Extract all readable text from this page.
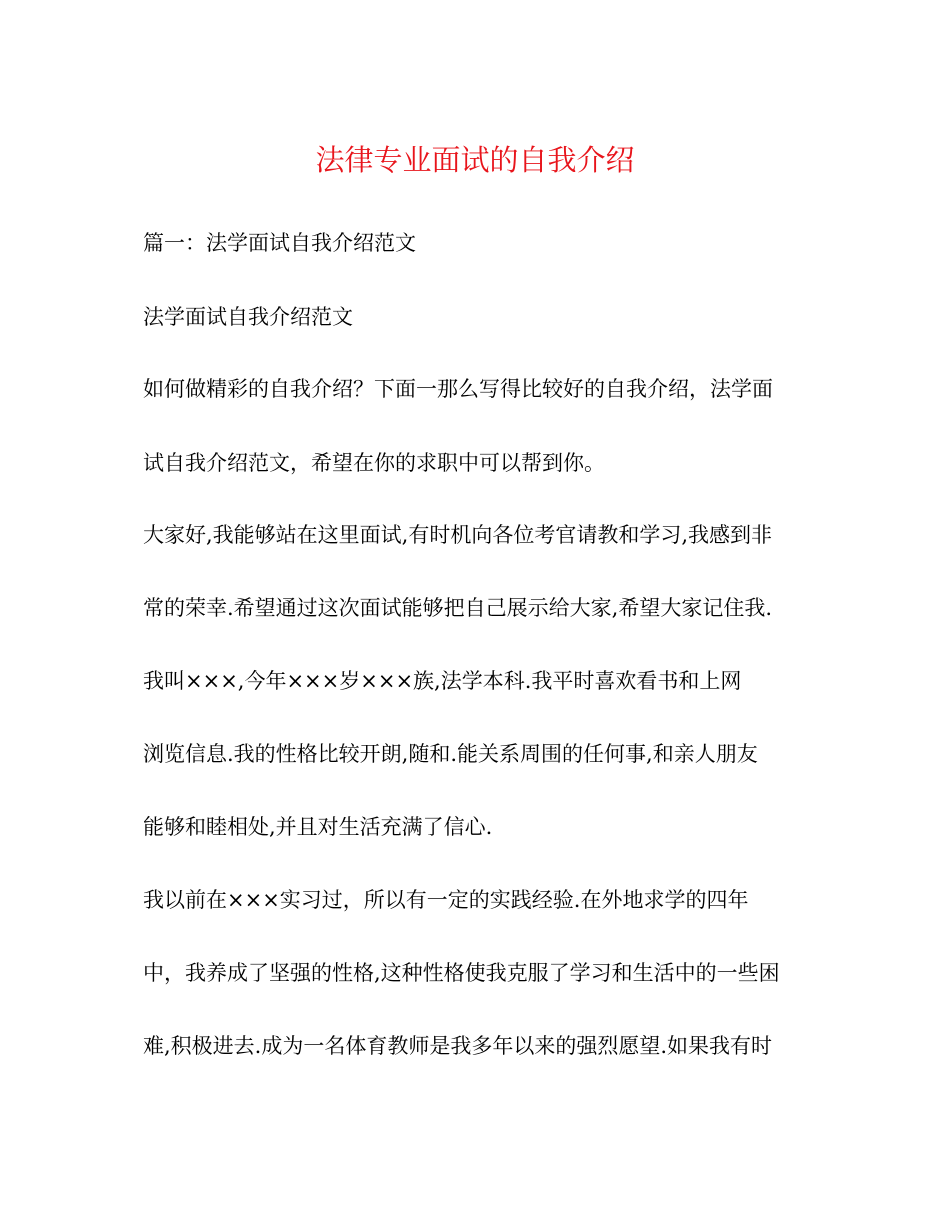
法律专业面试的自我介绍
篇一：法学面试自我介绍范文
法学面试自我介绍范文
如何做精彩的自我介绍？下面一那么写得比较好的自我介绍，法学面
试自我介绍范文，希望在你的求职中可以帮到你。
大家好,我能够站在这里面试,有时机向各位考官请教和学习,我感到非
常的荣幸.希望通过这次面试能够把自己展示给大家,希望大家记住我.
我叫×××,今年×××岁×××族,法学本科.我平时喜欢看书和上网
浏览信息.我的性格比较开朗,随和.能关系周围的任何事,和亲人朋友
能够和睦相处,并且对生活充满了信心.
我以前在×××实习过，所以有一定的实践经验.在外地求学的四年
中，我养成了坚强的性格,这种性格使我克服了学习和生活中的一些困
难,积极进去.成为一名体育教师是我多年以来的强烈愿望.如果我有时
